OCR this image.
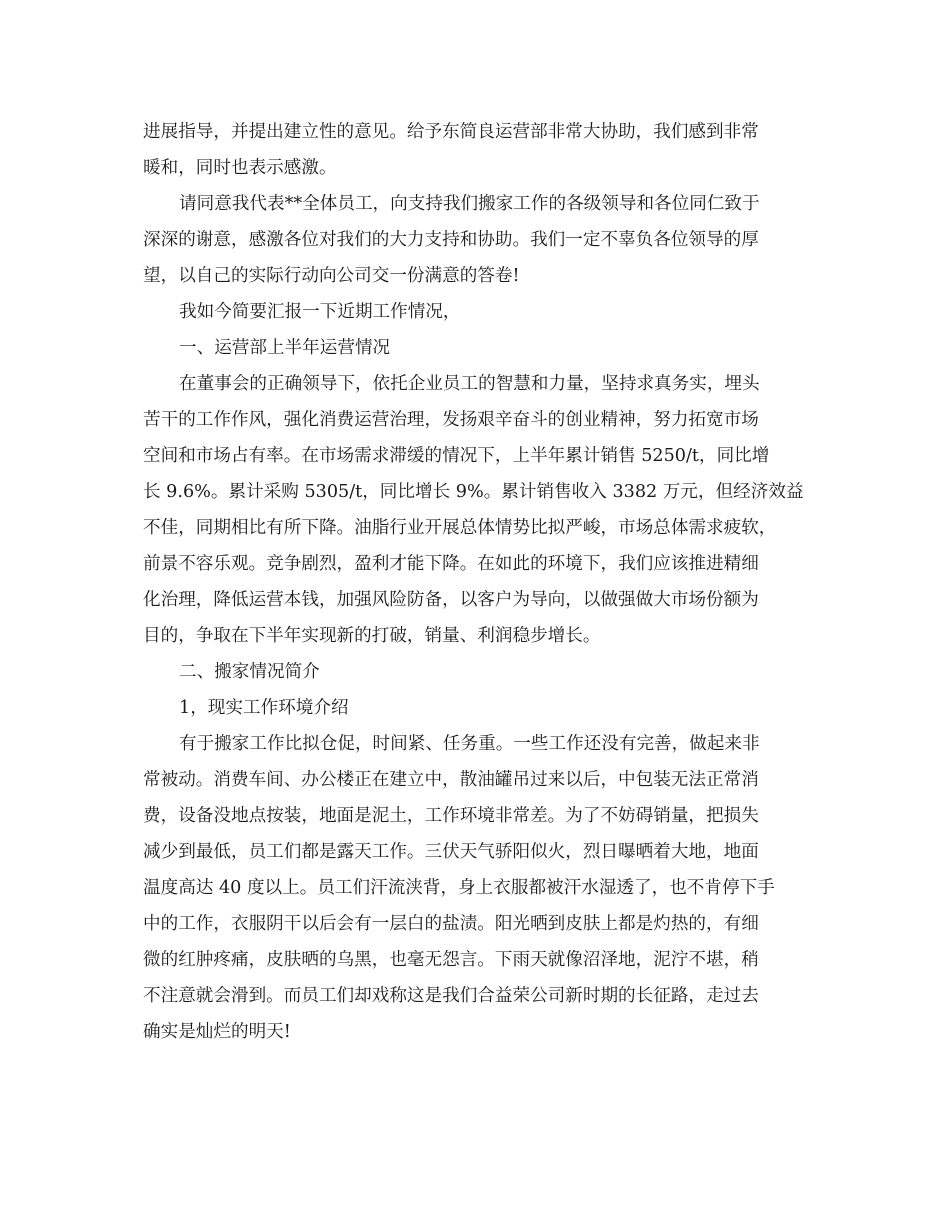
进展指导，并提出建立性的意见。给予东简良运营部非常大协助，我们感到非常
暖和，同时也表示感激。
请同意我代表**全体员工，向支持我们搬家工作的各级领导和各位同仁致于
深深的谢意，感激各位对我们的大力支持和协助。我们一定不辜负各位领导的厚
望，以自己的实际行动向公司交一份满意的答卷!
我如今简要汇报一下近期工作情况，
一、运营部上半年运营情况
在董事会的正确领导下，依托企业员工的智慧和力量，坚持求真务实，埋头
苦干的工作作风，强化消费运营治理，发扬艰辛奋斗的创业精神，努力拓宽市场
空间和市场占有率。在市场需求滞缓的情况下，上半年累计销售 5250/t，同比增
长 9.6%。累计采购 5305/t，同比增长 9%。累计销售收入 3382 万元，但经济效益
不佳，同期相比有所下降。油脂行业开展总体情势比拟严峻，市场总体需求疲软，
前景不容乐观。竞争剧烈，盈利才能下降。在如此的环境下，我们应该推进精细
化治理，降低运营本钱，加强风险防备，以客户为导向，以做强做大市场份额为
目的，争取在下半年实现新的打破，销量、利润稳步增长。
二、搬家情况简介
1，现实工作环境介绍
有于搬家工作比拟仓促，时间紧、任务重。一些工作还没有完善，做起来非
常被动。消费车间、办公楼正在建立中，散油罐吊过来以后，中包装无法正常消
费，设备没地点按装，地面是泥土，工作环境非常差。为了不妨碍销量，把损失
减少到最低，员工们都是露天工作。三伏天气骄阳似火，烈日曝晒着大地，地面
温度高达 40 度以上。员工们汗流浃背，身上衣服都被汗水湿透了，也不肯停下手
中的工作，衣服阴干以后会有一层白的盐渍。阳光晒到皮肤上都是灼热的，有细
微的红肿疼痛，皮肤晒的乌黑，也毫无怨言。下雨天就像沼泽地，泥泞不堪，稍
不注意就会滑到。而员工们却戏称这是我们合益荣公司新时期的长征路，走过去
确实是灿烂的明天!
